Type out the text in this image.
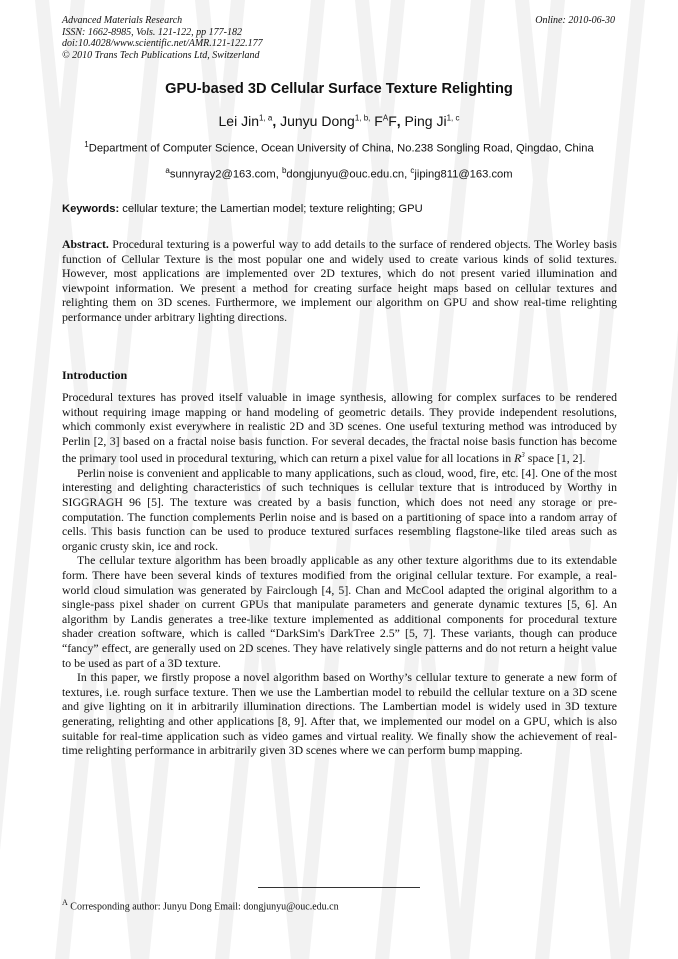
Advanced Materials Research
ISSN: 1662-8985, Vols. 121-122, pp 177-182
doi:10.4028/www.scientific.net/AMR.121-122.177
© 2010 Trans Tech Publications Ltd, Switzerland
Online: 2010-06-30
GPU-based 3D Cellular Surface Texture Relighting
Lei Jin$^{1, a}$, Junyu Dong$^{1, b,}$ $F^AF$, Ping Ji$^{1, c}$
$^1$Department of Computer Science, Ocean University of China, No.238 Songling Road, Qingdao, China
$^a$sunnyray2@163.com, $^b$dongjunyu@ouc.edu.cn, $^c$jiping811@163.com
Keywords: cellular texture; the Lamertian model; texture relighting; GPU
Abstract. Procedural texturing is a powerful way to add details to the surface of rendered objects. The Worley basis function of Cellular Texture is the most popular one and widely used to create various kinds of solid textures. However, most applications are implemented over 2D textures, which do not present varied illumination and viewpoint information. We present a method for creating surface height maps based on cellular textures and relighting them on 3D scenes. Furthermore, we implement our algorithm on GPU and show real-time relighting performance under arbitrary lighting directions.
Introduction

Procedural textures has proved itself valuable in image synthesis, allowing for complex surfaces to be rendered without requiring image mapping or hand modeling of geometric details. They provide independent resolutions, which commonly exist everywhere in realistic 2D and 3D scenes. One useful texturing method was introduced by Perlin [2, 3] based on a fractal noise basis function. For several decades, the fractal noise basis function has become the primary tool used in procedural texturing, which can return a pixel value for all locations in $R^3$ space [1, 2].

Perlin noise is convenient and applicable to many applications, such as cloud, wood, fire, etc. [4]. One of the most interesting and delighting characteristics of such techniques is cellular texture that is introduced by Worthy in SIGGRAGH 96 [5]. The texture was created by a basis function, which does not need any storage or pre-computation. The function complements Perlin noise and is based on a partitioning of space into a random array of cells. This basis function can be used to produce textured surfaces resembling flagstone-like tiled areas such as organic crusty skin, ice and rock.

The cellular texture algorithm has been broadly applicable as any other texture algorithms due to its extendable form. There have been several kinds of textures modified from the original cellular texture. For example, a real-world cloud simulation was generated by Fairclough [4, 5]. Chan and McCool adapted the original algorithm to a single-pass pixel shader on current GPUs that manipulate parameters and generate dynamic textures [5, 6]. An algorithm by Landis generates a tree-like texture implemented as additional components for procedural texture shader creation software, which is called “DarkSim's DarkTree 2.5” [5, 7]. These variants, though can produce “fancy” effect, are generally used on 2D scenes. They have relatively single patterns and do not return a height value to be used as part of a 3D texture.

In this paper, we firstly propose a novel algorithm based on Worthy’s cellular texture to generate a new form of textures, i.e. rough surface texture. Then we use the Lambertian model to rebuild the cellular texture on a 3D scene and give lighting on it in arbitrarily illumination directions. The Lambertian model is widely used in 3D texture generating, relighting and other applications [8, 9]. After that, we implemented our model on a GPU, which is also suitable for real-time application such as video games and virtual reality. We finally show the achievement of real-time relighting performance in arbitrarily given 3D scenes where we can perform bump mapping.

$^A$ Corresponding author: Junyu Dong Email: dongjunyu@ouc.edu.cn
